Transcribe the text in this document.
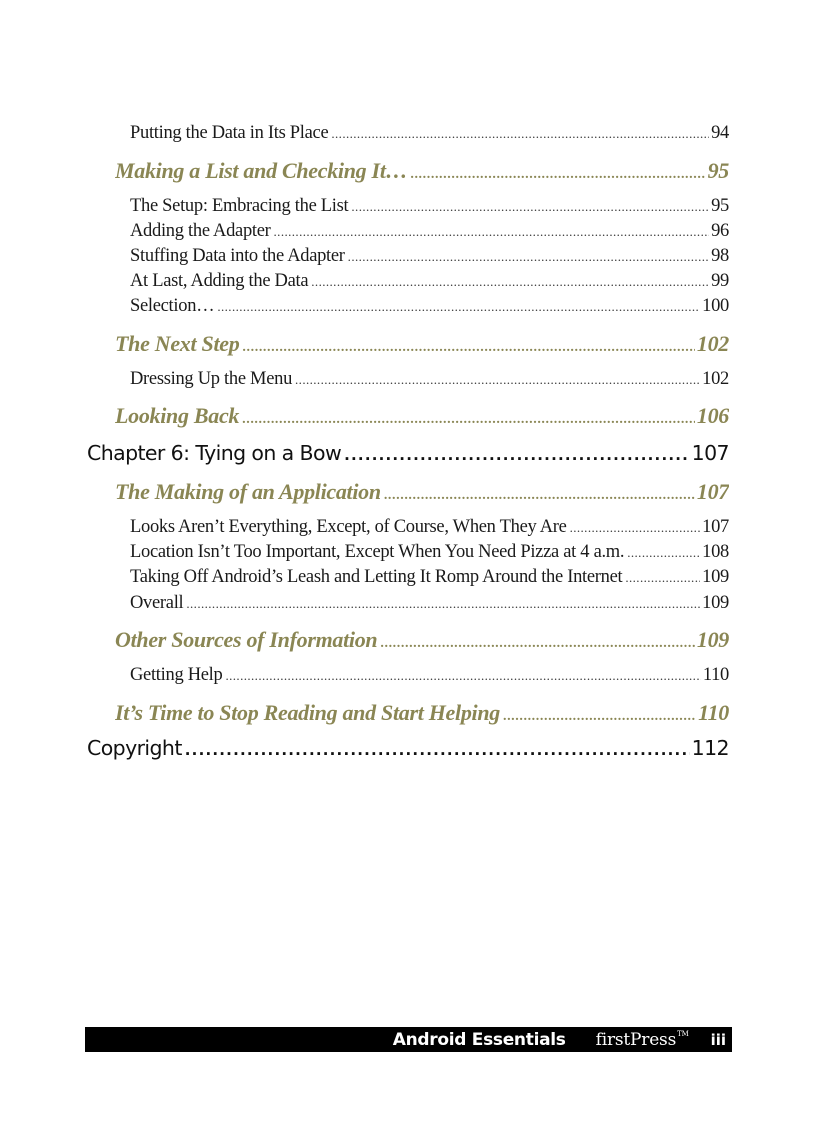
Putting the Data in Its Place .....	94
Making a List and Checking It… .....	95
The Setup: Embracing the List .....	95
Adding the Adapter .....	96
Stuffing Data into the Adapter .....	98
At Last, Adding the Data .....	99
Selection… .....	100
The Next Step .....	102
Dressing Up the Menu .....	102
Looking Back .....	106
Chapter 6: Tying on a Bow .....	107
The Making of an Application .....	107
Looks Aren’t Everything, Except, of Course, When They Are .....	107
Location Isn’t Too Important, Except When You Need Pizza at 4 a.m. .....	108
Taking Off Android’s Leash and Letting It Romp Around the Internet .....	109
Overall .....	109
Other Sources of Information .....	109
Getting Help .....	110
It’s Time to Stop Reading and Start Helping .....	110
Copyright .....	112
Android Essentials firstPress™ iii
